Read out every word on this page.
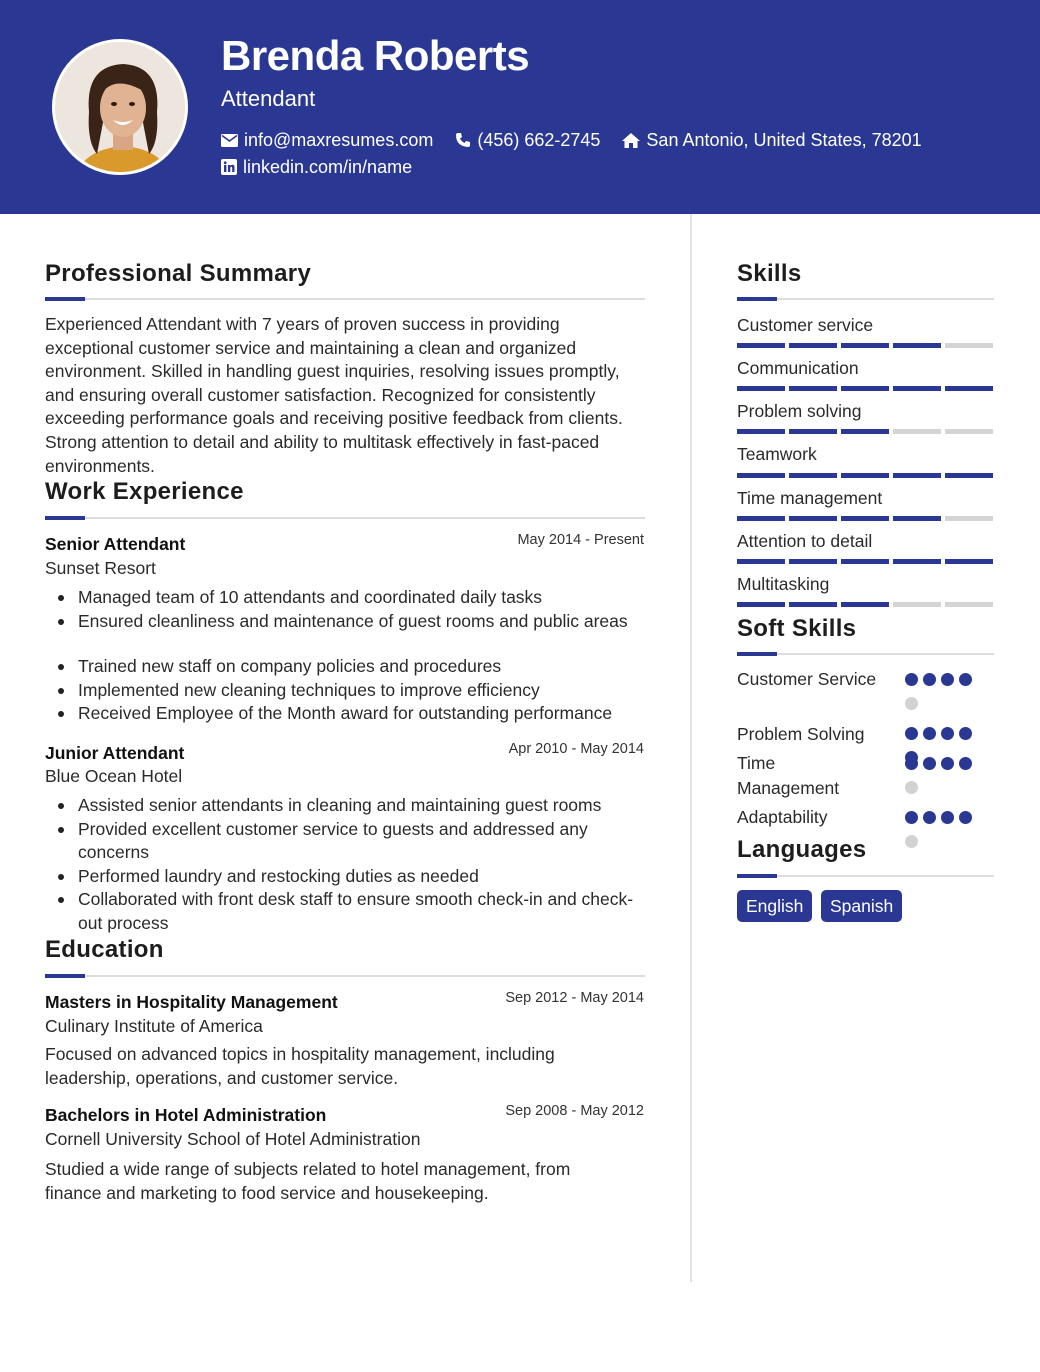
Brenda Roberts
Attendant
info@maxresumes.com (456) 662-2745	San Antonio, United States, 78201
linkedin.com/in/name
Professional Summary
Experienced Attendant with 7 years of proven success in providing exceptional customer service and maintaining a clean and organized environment. Skilled in handling guest inquiries, resolving issues promptly, and ensuring overall customer satisfaction. Recognized for consistently exceeding performance goals and receiving positive feedback from clients. Strong attention to detail and ability to multitask effectively in fast-paced environments.
Work Experience
Senior Attendant	May 2014 - Present
Sunset Resort
Managed team of 10 attendants and coordinated daily tasks
Ensured cleanliness and maintenance of guest rooms and public areas
Trained new staff on company policies and procedures
Implemented new cleaning techniques to improve efficiency
Received Employee of the Month award for outstanding performance
Junior Attendant	Apr 2010 - May 2014
Blue Ocean Hotel
Assisted senior attendants in cleaning and maintaining guest rooms
Provided excellent customer service to guests and addressed any concerns
Performed laundry and restocking duties as needed
Collaborated with front desk staff to ensure smooth check-in and check-out process
Education
Masters in Hospitality Management	Sep 2012 - May 2014
Culinary Institute of America
Focused on advanced topics in hospitality management, including leadership, operations, and customer service.
Bachelors in Hotel Administration	Sep 2008 - May 2012
Cornell University School of Hotel Administration
Studied a wide range of subjects related to hotel management, from finance and marketing to food service and housekeeping.
Skills
Customer service
Communication
Problem solving
Teamwork
Time management
Attention to detail
Multitasking
Soft Skills
Customer Service
Problem Solving
Time Management
Adaptability
Languages
English	Spanish
